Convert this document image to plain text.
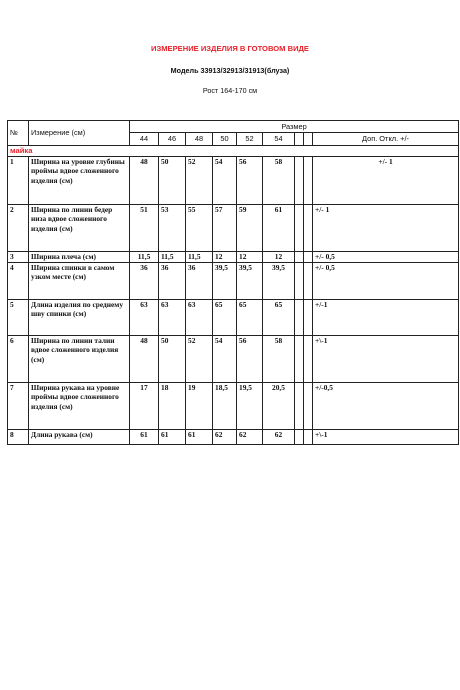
ИЗМЕРЕНИЕ ИЗДЕЛИЯ В ГОТОВОМ ВИДЕ
Модель 33913/32913/31913(блуза)
Рост 164-170 см
№	Измерение (см)	Размер								
		44	46	48	50	52	54			Доп. Откл. +/-
майка										
1	Ширина на уровне глубины проймы вдвое сложенного изделия (см)	48	50	52	54	56	58			+/- 1
2	Ширина по линии бедер низа вдвое сложенного изделия (см)	51	53	55	57	59	61			+/- 1
3	Ширина плеча (см)	11,5	11,5	11,5	12	12	12			+/- 0,5
4	Ширина спинки в самом узком месте (см)	36	36	36	39,5	39,5	39,5			+/- 0,5
5	Длина изделия по среднему шву спинки (см)	63	63	63	65	65	65			+/-1
6	Ширина по линии талии вдвое сложенного изделия (см)	48	50	52	54	56	58			+\-1
7	Ширина рукава на уровне проймы вдвое сложенного изделия (см)	17	18	19	18,5	19,5	20,5			+/-0,5
8	Длина рукава (см)	61	61	61	62	62	62			+\-1
